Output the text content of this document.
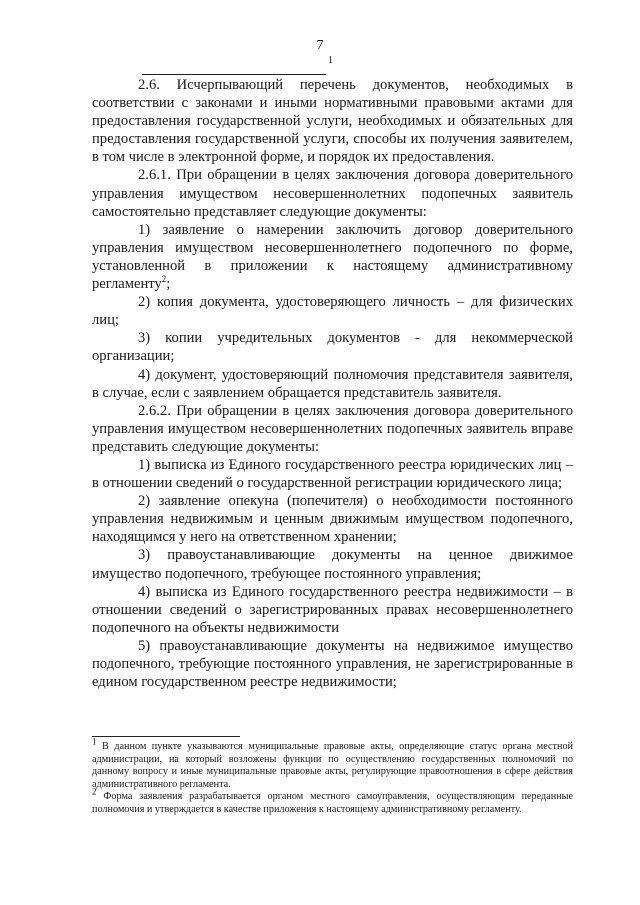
7
1

2.6. Исчерпывающий перечень документов, необходимых в соответствии с законами и иными нормативными правовыми актами для предоставления государственной услуги, необходимых и обязательных для предоставления государственной услуги, способы их получения заявителем, в том числе в электронной форме, и порядок их предоставления.

2.6.1. При обращении в целях заключения договора доверительного управления имуществом несовершеннолетних подопечных заявитель самостоятельно представляет следующие документы:

1) заявление о намерении заключить договор доверительного управления имуществом несовершеннолетнего подопечного по форме, установленной в приложении к настоящему административному регламенту$^2$;

2) копия документа, удостоверяющего личность – для физических лиц;

3) копии учредительных документов - для некоммерческой организации;

4) документ, удостоверяющий полномочия представителя заявителя, в случае, если с заявлением обращается представитель заявителя.

2.6.2. При обращении в целях заключения договора доверительного управления имуществом несовершеннолетних подопечных заявитель вправе представить следующие документы:

1) выписка из Единого государственного реестра юридических лиц – в отношении сведений о государственной регистрации юридического лица;

2) заявление опекуна (попечителя) о необходимости постоянного управления недвижимым и ценным движимым имуществом подопечного, находящимся у него на ответственном хранении;

3) правоустанавливающие документы на ценное движимое имущество подопечного, требующее постоянного управления;

4) выписка из Единого государственного реестра недвижимости – в отношении сведений о зарегистрированных правах несовершеннолетнего подопечного на объекты недвижимости

5) правоустанавливающие документы на недвижимое имущество подопечного, требующие постоянного управления, не зарегистрированные в едином государственном реестре недвижимости;

$^1$ В данном пункте указываются муниципальные правовые акты, определяющие статус органа местной администрации, на который возложены функции по осуществлению государственных полномочий по данному вопросу и иные муниципальные правовые акты, регулирующие правоотношения в сфере действия административного регламента.

$^2$ Форма заявления разрабатывается органом местного самоуправления, осуществляющим переданные полномочия и утверждается в качестве приложения к настоящему административному регламенту.
